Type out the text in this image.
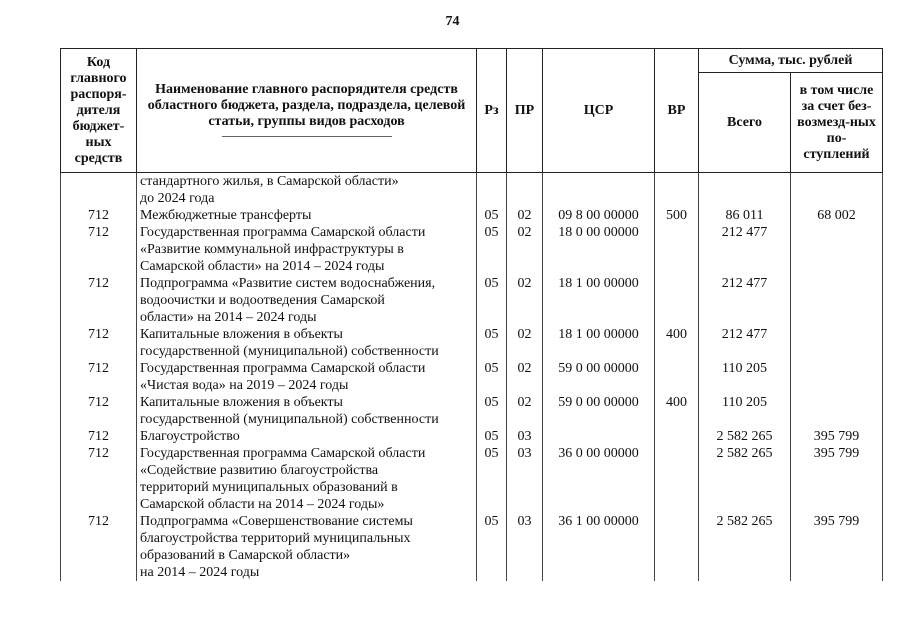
74
Код главного распоря-дителя бюджет-ных средств	Наименование главного распорядителя средств областного бюджета, раздела, подраздела, целевой статьи, группы видов расходов	Рз	ПР	ЦСР	ВР	Сумма, тыс. рублей	
						Всего	в том числе за счет без-возмезд-ных по-ступлений

	стандартного жилья, в Самарской области»
до 2024 года						

712	Межбюджетные трансферты	05	02	09 8 00 00000	500	86 011	68 002
712	Государственная программа Самарской области
«Развитие коммунальной инфраструктуры в
Самарской области» на 2014 – 2024 годы	05	02	18 0 00 00000		212 477	
712	Подпрограмма «Развитие систем водоснабжения,
водоочистки и водоотведения Самарской
области» на 2014 – 2024 годы	05	02	18 1 00 00000		212 477	
712	Капитальные вложения в объекты
государственной (муниципальной) собственности	05	02	18 1 00 00000	400	212 477	
712	Государственная программа Самарской области
«Чистая вода» на 2019 – 2024 годы	05	02	59 0 00 00000		110 205	
712	Капитальные вложения в объекты
государственной (муниципальной) собственности	05	02	59 0 00 00000	400	110 205	
712	Благоустройство	05	03			2 582 265	395 799
712	Государственная программа Самарской области
«Содействие развитию благоустройства
территорий муниципальных образований в
Самарской области на 2014 – 2024 годы»	05	03	36 0 00 00000		2 582 265	395 799
712	Подпрограмма «Совершенствование системы
благоустройства территорий муниципальных
образований в Самарской области»
на 2014 – 2024 годы	05	03	36 1 00 00000		2 582 265	395 799
